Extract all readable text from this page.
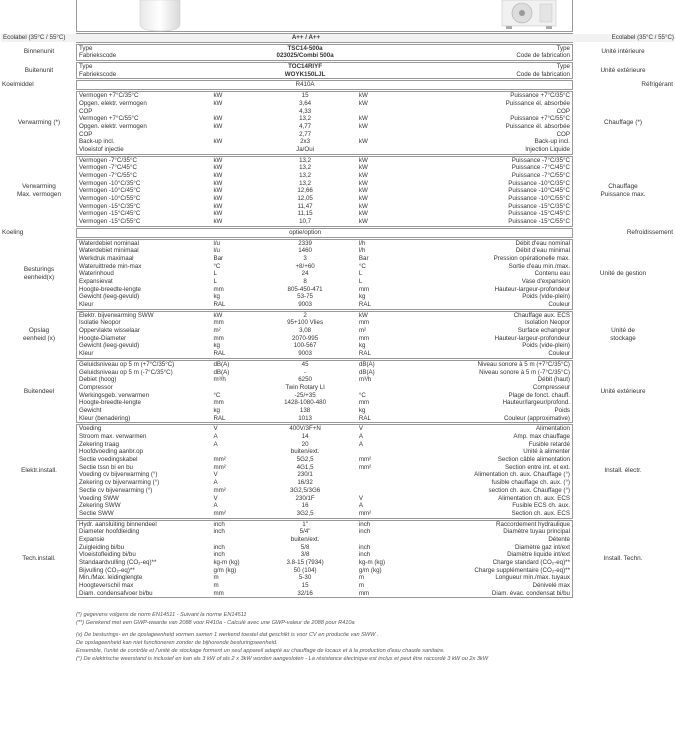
Ecolabel (35°C / 55°C)	A++ / A++	Ecolabel (35°C / 55°C)
Binnenunit	Unité intérieure
Type	TSC14-500a	Type
Fabriekscode	023025/Combi 500a	Code de fabrication
Buitenunit	Unité extérieure
Type	TOC14RIYF	Type
Fabriekscode	WOYK150LJL	Code de fabrication
Koelmiddel	Réfrigérant
R410A
Verwarming (*)	Chauffage (*)
Vermogen +7°C/35°C	kW	15	kW	Puissance +7°C/35°C
Opgen. elektr. vermogen	kW	3,64	kW	Puissance él. absorbée
COP	4,33	COP
Vermogen +7°C/55°C	kW	13,2	kW	Puissance +7°C/55°C
Opgen. elektr. vermogen	kW	4,77	kW	Puissance él. absorbée
COP	2,77	COP
Back-up incl.	kW	2x3	kW	Back-up incl.
Vloeistof injectie	Ja/Oui	Injection Liquide
Verwarming
Max. vermogen
Chauffage
Puissance max.
Vermogen -7°C/35°C	kW	13,2	kW	Puissance -7°C/35°C
Vermogen -7°C/45°C	kW	13,2	kW	Puissance -7°C/45°C
Vermogen -7°C/55°C	kW	13,2	kW	Puissance -7°C/55°C
Vermogen -10°C/35°C	kW	13,2	kW	Puissance -10°C/35°C
Vermogen -10°C/45°C	kW	12,66	kW	Puissance -10°C/45°C
Vermogen -10°C/55°C	kW	12,05	kW	Puissance -10°C/55°C
Vermogen -15°C/35°C	kW	11,47	kW	Puissance -15°C/35°C
Vermogen -15°C/45°C	kW	11,15	kW	Puissance -15°C/45°C
Vermogen -15°C/55°C	kW	10,7	kW	Puissance -15°C/55°C
Koeling	Refroidissement
optie/option
Besturings
eenheid(x)
Unité de gestion
Waterdebiet nominaal	l/u	2339	l/h	Débit d'eau nominal
Waterdebiet minimaal	l/u	1460	l/h	Débit d'eau minimal
Werkdruk maximaal	Bar	3	Bar	Pression opérationelle max.
Wateruittrede min-max	°C	+8/+60	°C	Sortie d'eau min./max.
Waterinhoud	L	24	L	Contenu eau
Expansievat	L	8	L	Vase d'expansion
Hoogte-breedte-lengte	mm	805-450-471	mm	Hauteur-largeur-profondeur
Gewicht (leeg-gevuld)	kg	53-75	kg	Poids (vide-plein)
Kleur	RAL	9003	RAL	Couleur
Opslag
eenheid (x)
Unité de
stockage
Elektr. bijverwarming SWW	kW	2	kW	Chauffage aux. ECS
Isolatie Neopor	mm	95+100 Vlies	mm	Isolation Neopor
Oppervlakte wisselaar	m²	3,08	m²	Surface echangeur
Hoogte-Diameter	mm	2070-995	mm	Hauteur-largeur-profondeur
Gewicht (leeg-gevuld)	kg	100-567	kg	Poids (vide-plein)
Kleur	RAL	9003	RAL	Couleur
Buitendeel	Unité extérieure
Geluidsniveau op 5 m (+7°C/35°C)	dB(A)	45	dB(A)	Niveau sonore à 5 m (+7°C/35°C)
Geluidsniveau op 5 m (-7°C/35°C)	dB(A)	-	dB(A)	Niveau sonore à 5 m (-7°C/35°C)
Debiet (hoog)	m³/h	6250	m³/h	Débit (haut)
Compressor	Twin Rotary LI	Compresseur
Werkingsgeb. verwarmen	°C	-25/+35	°C	Plage de fonct. chauff.
Hoogte-breedte-lengte	mm	1428-1080-480	mm	Hauteur/largeur/profond.
Gewicht	kg	138	kg	Poids
Kleur (benadering)	RAL	1013	RAL	Couleur (approximative)
Elektr.install.	Install. électr.
Voeding	V	400V/3F+N	V	Alimentation
Stroom max. verwarmen	A	14	A	Amp. max chauffage
Zekering traag	A	20	A	Fusible retardé
Hoofdvoeding aanbr.op	buiten/ext.	Unité à alimenter
Sectie voedingskabel	mm²	5G2,5	mm²	Section câble alimentation
Sectie tssn bi en bu	mm²	4G1,5	mm²	Section entre int. et ext.
Voeding cv bijverwarming (°)	V	230/1	Alimentation ch. aux. Chauffage (°)
Zekering cv bijverwarming (°)	A	16/32	fusible chauffage ch. aux. (°)
Sectie cv bijverwarming (°)	mm²	3G2,5/3G6	section ch. aux. Chauffage (°)
Voeding SWW	V	230/1F	V	Alimentation ch. aux. ECS
Zekering SWW	A	16	A	Fusible ECS ch. aux.
Sectie SWW	mm²	3G2,5	mm²	Section ch. aux. ECS
Tech.install.	Install. Techn.
Hydr. aansluiting binnendeel	inch	1"	inch	Raccordement hydraulique
Diameter hoofdleiding	inch	5/4"	inch	Diamètre tuyau principal
Expansie	buiten/ext.	Détente
Zuigleiding bi/bu	inch	5/8	inch	Diamètre gaz int/ext
Vloeistofleiding bi/bu	inch	3/8	inch	Diamètre liquide int/ext
Standaardvulling (CO₂-eq)**	kg-m (kg)	3.8-15 (7934)	kg-m (kg)	Charge standard (CO₂-eq)**
Bijvulling (CO₂-eq)**	g/m (kg)	50 (104)	g/m (kg)	Charge supplémentaire (CO₂-eq)**
Min./Max. leidinglengte	m	5-30	m	Longueur min./max. tuyaux
Hoogteverschil max	m	15	m	Dénivelé max
Diam. condensafvoer bi/bu	mm	32/16	mm	Diam. évac. condensat bi/bu
(*) gegevens volgens de norm EN14511 - Suivant la norme EN14511
(**) Gerekend met een GWP-waarde van 2088 voor R410a - Calculé avec une GWP-valeur de 2088 pour R410a
(x) De besturings- en de opslageenheid vormen samen 1 werkend toestel dat geschikt is voor CV en productie van SWW .
De opslageenheid kan niet functioneren zonder de bijhorende besturingseenheid.
Ensemble, l'unité de contrôle et l'unité de stockage forment un seul appareil adapté au chauffage de locaux et à la production d'eau chaude sanitaire.
(°) De elektrische weerstand is inclusief en kan als 3 kW of als 2 x 3kW worden aangesloten - La résistance électrique est inclus et peut être raccordé 3 kW ou 2x 3kW
